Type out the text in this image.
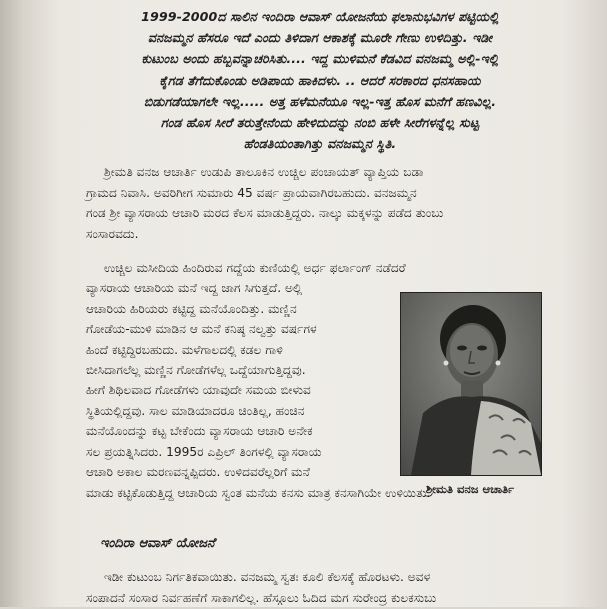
1999-2000ದ ಸಾಲಿನ ಇಂದಿರಾ ಆವಾಸ್ ಯೋಜನೆಯ ಫಲಾನುಭವಿಗಳ ಪಟ್ಟಿಯಲ್ಲಿ
ವನಜಮ್ಮನ ಹೆಸರೂ ಇದೆ ಎಂದು ತಿಳಿದಾಗ ಆಕಾಶಕ್ಕೆ ಮೂರೇ ಗೇಣು ಉಳಿದಿತ್ತು. ಇಡೀ
ಕುಟುಂಬ ಅಂದು ಹಬ್ಬವನ್ನಾಚರಿಸಿತು.... ಇದ್ದ ಮುಳಿಮನೆ ಕೆಡವಿದ ವನಜಮ್ಮ ಅಲ್ಲಿ-ಇಲ್ಲಿ
ಕೈಗಡ ತೆಗೆದುಕೊಂಡು ಅಡಿಪಾಯ ಹಾಕಿದಳು. .. ಆದರೆ ಸರಕಾರದ ಧನಸಹಾಯ
ಬಿಡುಗಡೆಯಾಗಲೇ ಇಲ್ಲ..... ಅತ್ತ ಹಳೆಮನೆಯೂ ಇಲ್ಲ-ಇತ್ತ ಹೊಸ ಮನೆಗೆ ಹಣವಿಲ್ಲ.
ಗಂಡ ಹೊಸ ಸೀರೆ ತರುತ್ತೇನೆಂದು ಹೇಳಿದುದನ್ನು ನಂಬಿ ಹಳೇ ಸೀರೆಗಳನ್ನೆಲ್ಲ ಸುಟ್ಟ
ಹೆಂಡತಿಯಂತಾಗಿತ್ತು ವನಜಮ್ಮನ ಸ್ಥಿತಿ.

ಶ್ರೀಮತಿ ವನಜ ಆಚಾರ್ತಿ ಉಡುಪಿ ತಾಲೂಕಿನ ಉಚ್ಚಿಲ ಪಂಚಾಯತ್ ವ್ಯಾಪ್ತಿಯ ಬಡಾ
ಗ್ರಾಮದ ನಿವಾಸಿ. ಅವರಿಗೀಗ ಸುಮಾರು 45 ವರ್ಷ ಪ್ರಾಯವಾಗಿರಬಹುದು. ವನಜಮ್ಮನ
ಗಂಡ ಶ್ರೀ ವ್ಯಾಸರಾಯ ಆಚಾರಿ ಮರದ ಕೆಲಸ ಮಾಡುತ್ತಿದ್ದರು. ನಾಲ್ಕು ಮಕ್ಕಳನ್ನು ಪಡೆದ ತುಂಬು
ಸಂಸಾರವದು.

ಉಚ್ಚಿಲ ಮಸೀದಿಯ ಹಿಂದಿರುವ ಗದ್ದೆಯ ಕುಣಿಯಲ್ಲಿ ಅರ್ಧ ಫರ್ಲಾಂಗ್ ನಡೆದರೆ
ವ್ಯಾಸರಾಯ ಆಚಾರಿಯ ಮನೆ ಇದ್ದ ಜಾಗ ಸಿಗುತ್ತದೆ. ಅಲ್ಲಿ
ಆಚಾರಿಯ ಹಿರಿಯರು ಕಟ್ಟಿದ್ದ ಮನೆಯೊಂದಿತ್ತು. ಮಣ್ಣಿನ
ಗೋಡೆಯ-ಮುಳಿ ಮಾಡಿನ ಆ ಮನೆ ಕನಿಷ್ಠ ನಲ್ವತ್ತು ವರ್ಷಗಳ
ಹಿಂದೆ ಕಟ್ಟಿದ್ದಿರಬಹುದು. ಮಳೆಗಾಲದಲ್ಲಿ ಕಡಲ ಗಾಳಿ
ಬೀಸಿದಾಗಲೆಲ್ಲ ಮಣ್ಣಿನ ಗೋಡೆಗಳೆಲ್ಲ ಒದ್ದೆಯಾಗುತ್ತಿದ್ದವು.
ಹೀಗೆ ಶಿಥಿಲವಾದ ಗೋಡೆಗಳು ಯಾವುದೇ ಸಮಯ ಬೀಳುವ
ಸ್ಥಿತಿಯಲ್ಲಿದ್ದವು. ಸಾಲ ಮಾಡಿಯಾದರೂ ಚಿಂತಿಲ್ಲ, ಹಂಚಿನ
ಮನೆಯೊಂದನ್ನು ಕಟ್ಟ ಬೇಕೆಂದು ವ್ಯಾಸರಾಯ ಆಚಾರಿ ಅನೇಕ
ಸಲ ಪ್ರಯತ್ನಿಸಿದರು. 1995ರ ಎಪ್ರಿಲ್ ತಿಂಗಳಲ್ಲಿ ವ್ಯಾಸರಾಯ
ಆಚಾರಿ ಅಕಾಲ ಮರಣವನ್ನಪ್ಪಿದರು. ಉಳಿದವರೆಲ್ಲರಿಗೆ ಮನೆ
ಮಾಡು ಕಟ್ಟಿಕೊಡುತ್ತಿದ್ದ ಆಚಾರಿಯ ಸ್ವಂತ ಮನೆಯ ಕನಸು ಮಾತ್ರ ಕನಸಾಗಿಯೇ ಉಳಿಯಿತು.

ಶ್ರೀಮತಿ ವನಜ ಆಚಾರ್ತಿ
ಇಂದಿರಾ ಆವಾಸ್ ಯೋಜನೆ
ಇಡೀ ಕುಟುಂಬ ನಿರ್ಗತಿಕವಾಯಿತು. ವನಜಮ್ಮ ಸ್ವತಃ ಕೂಲಿ ಕೆಲಸಕ್ಕೆ ಹೊರಟಳು. ಅವಳ
ಸಂಪಾದನೆ ಸಂಸಾರ ನಿರ್ವಹಣೆಗೆ ಸಾಕಾಗಲಿಲ್ಲ. ಹೆಸ್ಗೂಲು ಓದಿದ ಮಗ ಸುರೇಂದ್ರ ಕುಲಕಸುಬು
